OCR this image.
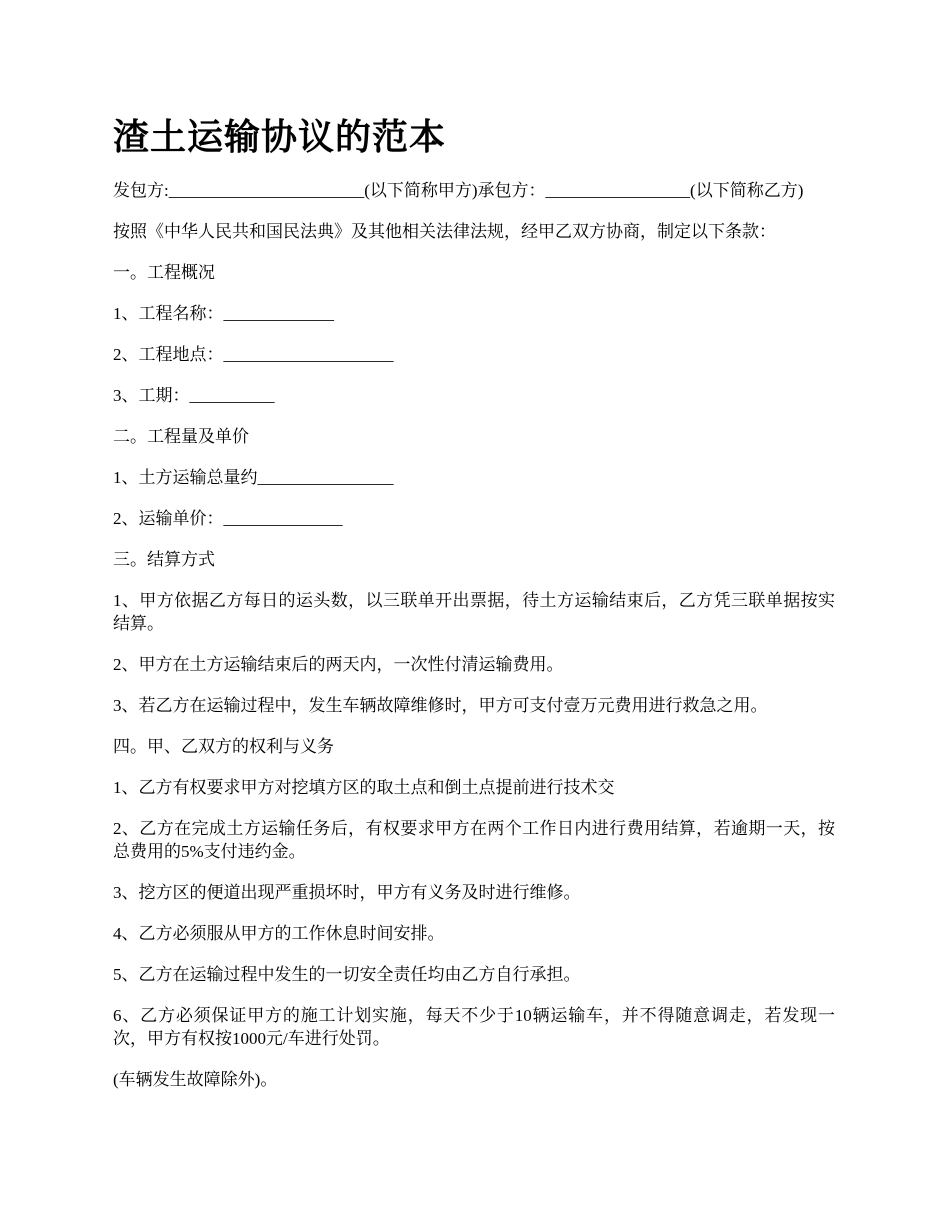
渣土运输协议的范本

发包方:_______________________(以下简称甲方)承包方：_________________(以下简称乙方)

按照《中华人民共和国民法典》及其他相关法律法规，经甲乙双方协商，制定以下条款：

一。工程概况

1、工程名称：_____________

2、工程地点：____________________

3、工期：__________

二。工程量及单价

1、土方运输总量约________________

2、运输单价：______________

三。结算方式

1、甲方依据乙方每日的运头数，以三联单开出票据，待土方运输结束后，乙方凭三联单据按实结算。

2、甲方在土方运输结束后的两天内，一次性付清运输费用。

3、若乙方在运输过程中，发生车辆故障维修时，甲方可支付壹万元费用进行救急之用。

四。甲、乙双方的权利与义务

1、乙方有权要求甲方对挖填方区的取土点和倒土点提前进行技术交

2、乙方在完成土方运输任务后，有权要求甲方在两个工作日内进行费用结算，若逾期一天，按总费用的5%支付违约金。

3、挖方区的便道出现严重损坏时，甲方有义务及时进行维修。

4、乙方必须服从甲方的工作休息时间安排。

5、乙方在运输过程中发生的一切安全责任均由乙方自行承担。

6、乙方必须保证甲方的施工计划实施，每天不少于10辆运输车，并不得随意调走，若发现一次，甲方有权按1000元/车进行处罚。

(车辆发生故障除外)。
